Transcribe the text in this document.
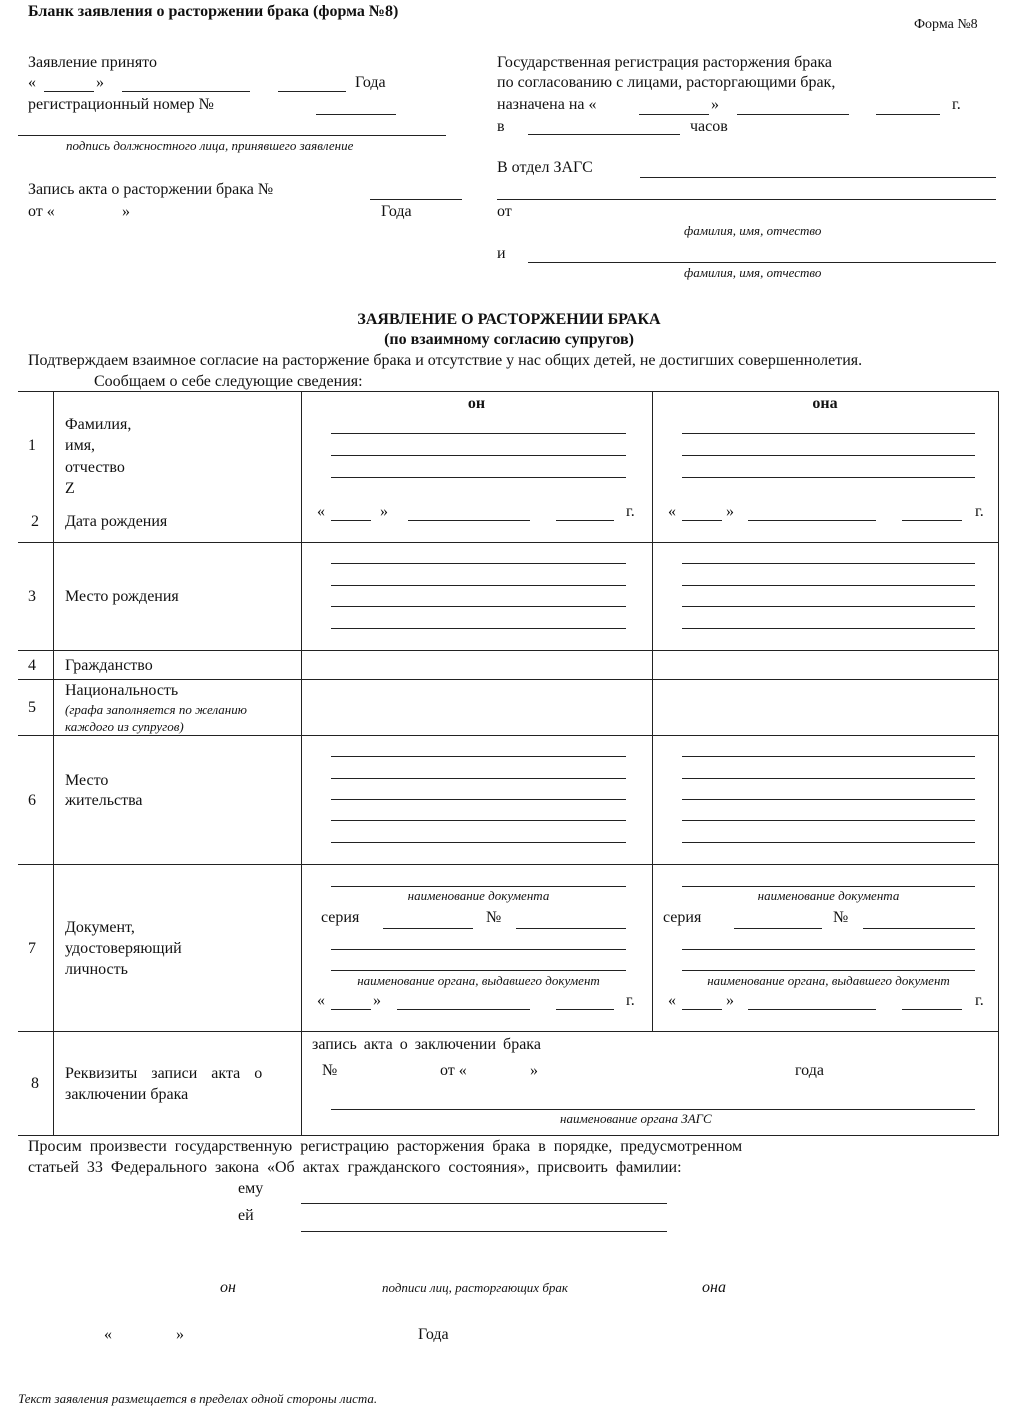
Бланк заявления о расторжении брака (форма №8)
Форма №8
Заявление принято
«	»	Года
регистрационный номер №
подпись должностного лица, принявшего заявление
Запись акта о расторжении брака №
от «	»	Года
Государственная регистрация расторжения брака
по согласованию с лицами, расторгающими брак,
назначена на «	»	г.
в	часов
В отдел ЗАГС
от
фамилия, имя, отчество
и
фамилия, имя, отчество
ЗАЯВЛЕНИЕ О РАСТОРЖЕНИИ БРАКА
(по взаимному согласию супругов)
Подтверждаем взаимное согласие на расторжение брака и отсутствие у нас общих детей, не достигших совершеннолетия.
Сообщаем о себе следующие сведения:
он	она
1
Фамилия,
имя,
отчество
Z
2 Дата рождения
«	»	г. «	»	г.
3 Место рождения
4 Гражданство
5
Национальность
(графа заполняется по желанию
каждого из супругов)
6
Место
жительства
7
Документ,
удостоверяющий
личность
наименование документа
серия	№
наименование органа, выдавшего документ
«	»	г.
наименование документа
серия	№
наименование органа, выдавшего документ
«	»	г.
8
Реквизиты записи акта о
заключении брака
запись акта о заключении брака
№	от «	»	года
наименование органа ЗАГС
Просим произвести государственную регистрацию расторжения брака в порядке, предусмотренном
статьей 33 Федерального закона «Об актах гражданского состояния», присвоить фамилии:
ему
ей
он	подписи лиц, расторгающих брак	она
«	»	Года
Текст заявления размещается в пределах одной стороны листа.
